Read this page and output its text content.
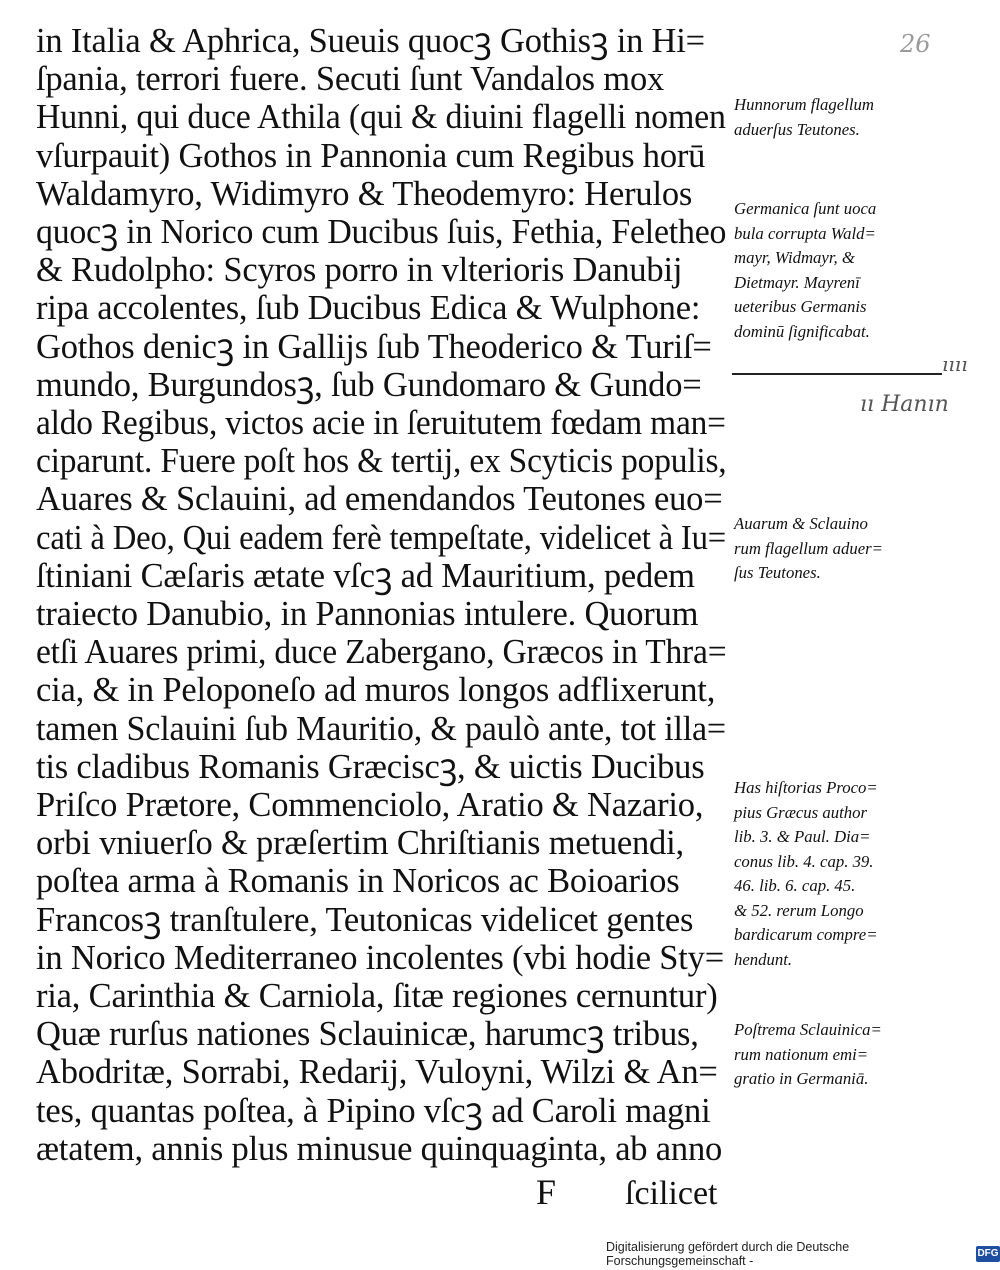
26
in Italia & Aphrica, Sueuis quocꝫ Gothisꝫ in Hi=
ſpania, terrori fuere. Secuti ſunt Vandalos mox
Hunni, qui duce Athila (qui & diuini flagelli nomen
vſurpauit) Gothos in Pannonia cum Regibus horū
Waldamyro, Widimyro & Theodemyro: Herulos
quocꝫ in Norico cum Ducibus ſuis, Fethia, Feletheo
& Rudolpho: Scyros porro in vlterioris Danubij
ripa accolentes, ſub Ducibus Edica & Wulphone:
Gothos denicꝫ in Gallijs ſub Theoderico & Turiſ=
mundo, Burgundosꝫ, ſub Gundomaro & Gundo=
aldo Regibus, victos acie in ſeruitutem fœdam man=
ciparunt. Fuere poſt hos & tertij, ex Scyticis populis,
Auares & Sclauini, ad emendandos Teutones euo=
cati à Deo, Qui eadem ferè tempeſtate, videlicet à Iu=
ſtiniani Cæſaris ætate vſcꝫ ad Mauritium, pedem
traiecto Danubio, in Pannonias intulere. Quorum
etſi Auares primi, duce Zabergano, Græcos in Thra=
cia, & in Peloponeſo ad muros longos adflixerunt,
tamen Sclauini ſub Mauritio, & paulò ante, tot illa=
tis cladibus Romanis Græciscꝫ, & uictis Ducibus
Priſco Prætore, Commenciolo, Aratio & Nazario,
orbi vniuerſo & præſertim Chriſtianis metuendi,
poſtea arma à Romanis in Noricos ac Boioarios
Francosꝫ tranſtulere, Teutonicas videlicet gentes
in Norico Mediterraneo incolentes (vbi hodie Sty=
ria, Carinthia & Carniola, ſitæ regiones cernuntur)
Quæ rurſus nationes Sclauinicæ, harumcꝫ tribus,
Abodritæ, Sorrabi, Redarij, Vuloyni, Wilzi & An=
tes, quantas poſtea, à Pipino vſcꝫ ad Caroli magni
ætatem, annis plus minusue quinquaginta, ab anno
Hunnorum flagellum
aduerſus Teutones.
Germanica ſunt uoca
bula corrupta Wald=
mayr, Widmayr, &
Dietmayr. Mayrenī
ueteribus Germanis
dominū ſignificabat.
Auarum & Sclauino
rum flagellum aduer=
ſus Teutones.
Has hiſtorias Proco=
pius Græcus author
lib. 3. & Paul. Dia=
conus lib. 4. cap. 39.
46. lib. 6. cap. 45.
& 52. rerum Longo
bardicarum compre=
hendunt.
Poſtrema Sclauinica=
rum nationum emi=
gratio in Germaniā.
ıııı
ıı Hanın
F ſcilicet
Digitalisierung gefördert durch die Deutsche Forschungsgemeinschaft -
DFG
